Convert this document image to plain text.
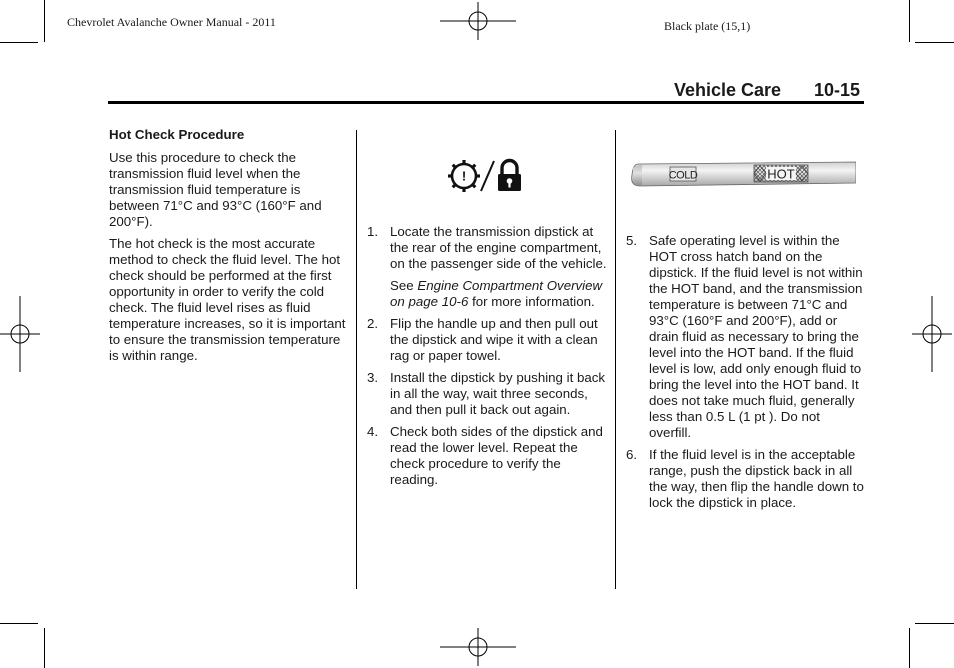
Chevrolet Avalanche Owner Manual - 2011	Black plate (15,1)
Vehicle Care 10-15
Hot Check Procedure

Use this procedure to check the transmission fluid level when the transmission fluid temperature is between 71°C and 93°C (160°F and 200°F).

The hot check is the most accurate method to check the fluid level. The hot check should be performed at the first opportunity in order to verify the cold check. The fluid level rises as fluid temperature increases, so it is important to ensure the transmission temperature is within range.

!
1. Locate the transmission dipstick at the rear of the engine compartment, on the passenger side of the vehicle.
See Engine Compartment Overview on page 10-6 for more information.
2. Flip the handle up and then pull out the dipstick and wipe it with a clean rag or paper towel.
3. Install the dipstick by pushing it back in all the way, wait three seconds, and then pull it back out again.
4. Check both sides of the dipstick and read the lower level. Repeat the check procedure to verify the reading.
COLD	HOT
5. Safe operating level is within the HOT cross hatch band on the dipstick. If the fluid level is not within the HOT band, and the transmission temperature is between 71°C and 93°C (160°F and 200°F), add or drain fluid as necessary to bring the level into the HOT band. If the fluid level is low, add only enough fluid to bring the level into the HOT band. It does not take much fluid, generally less than 0.5 L (1 pt ). Do not overfill.
6. If the fluid level is in the acceptable range, push the dipstick back in all the way, then flip the handle down to lock the dipstick in place.
